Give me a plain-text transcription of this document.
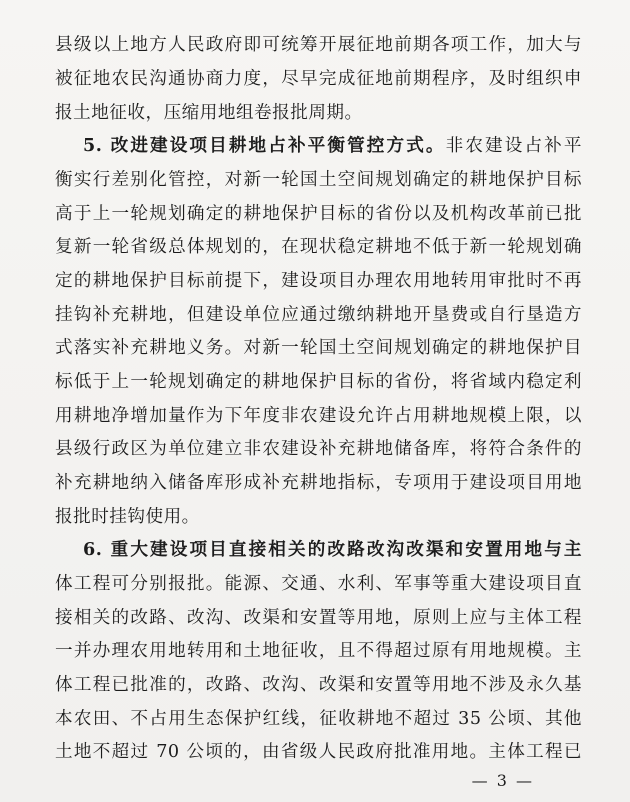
县级以上地方人民政府即可统筹开展征地前期各项工作，加大与
被征地农民沟通协商力度，尽早完成征地前期程序，及时组织申
报土地征收，压缩用地组卷报批周期。
5. 改进建设项目耕地占补平衡管控方式。非农建设占补平
衡实行差别化管控，对新一轮国土空间规划确定的耕地保护目标
高于上一轮规划确定的耕地保护目标的省份以及机构改革前已批
复新一轮省级总体规划的，在现状稳定耕地不低于新一轮规划确
定的耕地保护目标前提下，建设项目办理农用地转用审批时不再
挂钩补充耕地，但建设单位应通过缴纳耕地开垦费或自行垦造方
式落实补充耕地义务。对新一轮国土空间规划确定的耕地保护目
标低于上一轮规划确定的耕地保护目标的省份，将省域内稳定利
用耕地净增加量作为下年度非农建设允许占用耕地规模上限，以
县级行政区为单位建立非农建设补充耕地储备库，将符合条件的
补充耕地纳入储备库形成补充耕地指标，专项用于建设项目用地
报批时挂钩使用。
6. 重大建设项目直接相关的改路改沟改渠和安置用地与主
体工程可分别报批。能源、交通、水利、军事等重大建设项目直
接相关的改路、改沟、改渠和安置等用地，原则上应与主体工程
一并办理农用地转用和土地征收，且不得超过原有用地规模。主
体工程已批准的，改路、改沟、改渠和安置等用地不涉及永久基
本农田、不占用生态保护红线，征收耕地不超过 35 公顷、其他
土地不超过 70 公顷的，由省级人民政府批准用地。主体工程已
— 3 —
